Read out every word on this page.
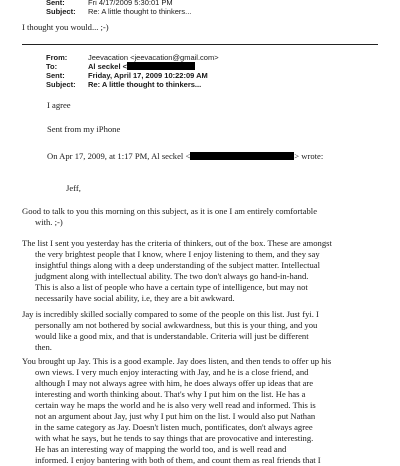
Sent:	Fri 4/17/2009 5:30:01 PM
Subject: Re: A little thought to thinkers...
I thought you would... ;-)
From:	Jeevacation <jeevacation@gmail.com>
To:	Al seckel <
Sent:	Friday, April 17, 2009 10:22:09 AM
Subject: Re: A little thought to thinkers...
I agree
Sent from my iPhone
On Apr 17, 2009, at 1:17 PM, Al seckel <	> wrote:
Jeff,
Good to talk to you this morning on this subject, as it is one I am entirely comfortable
with. ;-)
The list I sent you yesterday has the criteria of thinkers, out of the box. These are amongst
the very brightest people that I know, where I enjoy listening to them, and they say
insightful things along with a deep understanding of the subject matter. Intellectual
judgment along with intellectual ability. The two don't always go hand-in-hand.
This is also a list of people who have a certain type of intelligence, but may not
necessarily have social ability, i.e, they are a bit awkward.
Jay is incredibly skilled socially compared to some of the people on this list. Just fyi. I
personally am not bothered by social awkwardness, but this is your thing, and you
would like a good mix, and that is understandable. Criteria will just be different
then.
You brought up Jay. This is a good example. Jay does listen, and then tends to offer up his
own views. I very much enjoy interacting with Jay, and he is a close friend, and
although I may not always agree with him, he does always offer up ideas that are
interesting and worth thinking about. That's why I put him on the list. He has a
certain way he maps the world and he is also very well read and informed. This is
not an argument about Jay, just why I put him on the list. I would also put Nathan
in the same category as Jay. Doesn't listen much, pontificates, don't always agree
with what he says, but he tends to say things that are provocative and interesting.
He has an interesting way of mapping the world too, and is well read and
informed. I enjoy bantering with both of them, and count them as real friends that I
